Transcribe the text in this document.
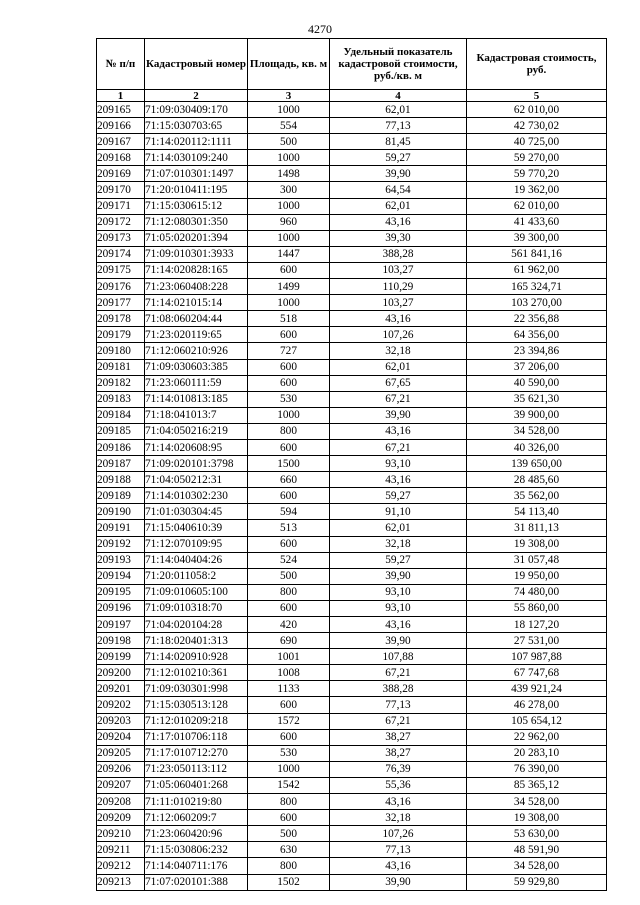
4270
№ п/п	Кадастровый номер	Площадь, кв. м	Удельный показатель кадастровой стоимости, руб./кв. м	Кадастровая стоимость, руб.
1	2	3	4	5
209165	71:09:030409:170	1000	62,01	62 010,00
209166	71:15:030703:65	554	77,13	42 730,02
209167	71:14:020112:1111	500	81,45	40 725,00
209168	71:14:030109:240	1000	59,27	59 270,00
209169	71:07:010301:1497	1498	39,90	59 770,20
209170	71:20:010411:195	300	64,54	19 362,00
209171	71:15:030615:12	1000	62,01	62 010,00
209172	71:12:080301:350	960	43,16	41 433,60
209173	71:05:020201:394	1000	39,30	39 300,00
209174	71:09:010301:3933	1447	388,28	561 841,16
209175	71:14:020828:165	600	103,27	61 962,00
209176	71:23:060408:228	1499	110,29	165 324,71
209177	71:14:021015:14	1000	103,27	103 270,00
209178	71:08:060204:44	518	43,16	22 356,88
209179	71:23:020119:65	600	107,26	64 356,00
209180	71:12:060210:926	727	32,18	23 394,86
209181	71:09:030603:385	600	62,01	37 206,00
209182	71:23:060111:59	600	67,65	40 590,00
209183	71:14:010813:185	530	67,21	35 621,30
209184	71:18:041013:7	1000	39,90	39 900,00
209185	71:04:050216:219	800	43,16	34 528,00
209186	71:14:020608:95	600	67,21	40 326,00
209187	71:09:020101:3798	1500	93,10	139 650,00
209188	71:04:050212:31	660	43,16	28 485,60
209189	71:14:010302:230	600	59,27	35 562,00
209190	71:01:030304:45	594	91,10	54 113,40
209191	71:15:040610:39	513	62,01	31 811,13
209192	71:12:070109:95	600	32,18	19 308,00
209193	71:14:040404:26	524	59,27	31 057,48
209194	71:20:011058:2	500	39,90	19 950,00
209195	71:09:010605:100	800	93,10	74 480,00
209196	71:09:010318:70	600	93,10	55 860,00
209197	71:04:020104:28	420	43,16	18 127,20
209198	71:18:020401:313	690	39,90	27 531,00
209199	71:14:020910:928	1001	107,88	107 987,88
209200	71:12:010210:361	1008	67,21	67 747,68
209201	71:09:030301:998	1133	388,28	439 921,24
209202	71:15:030513:128	600	77,13	46 278,00
209203	71:12:010209:218	1572	67,21	105 654,12
209204	71:17:010706:118	600	38,27	22 962,00
209205	71:17:010712:270	530	38,27	20 283,10
209206	71:23:050113:112	1000	76,39	76 390,00
209207	71:05:060401:268	1542	55,36	85 365,12
209208	71:11:010219:80	800	43,16	34 528,00
209209	71:12:060209:7	600	32,18	19 308,00
209210	71:23:060420:96	500	107,26	53 630,00
209211	71:15:030806:232	630	77,13	48 591,90
209212	71:14:040711:176	800	43,16	34 528,00
209213	71:07:020101:388	1502	39,90	59 929,80
